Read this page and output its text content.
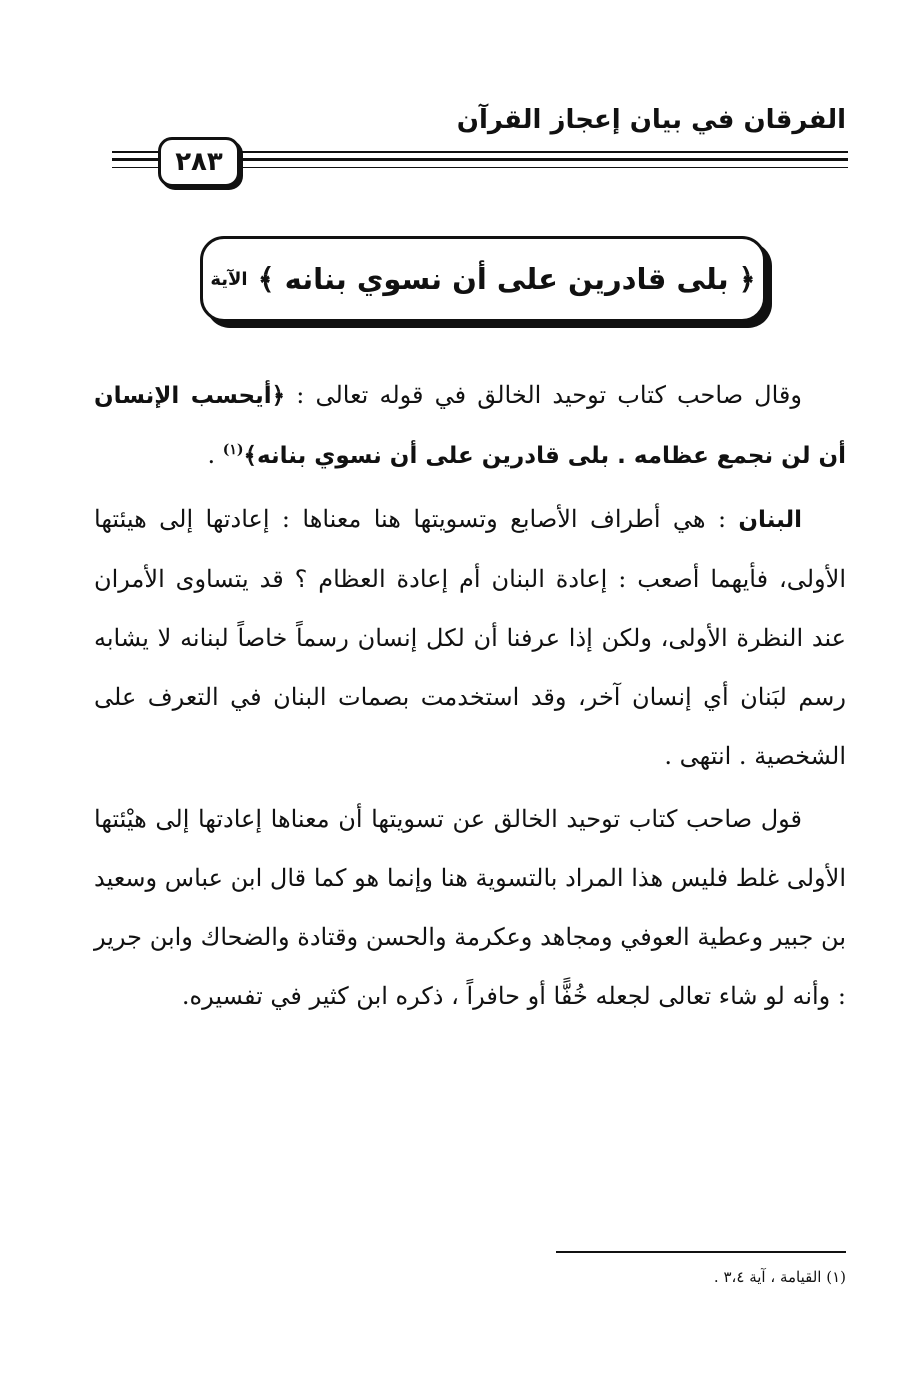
الفرقان في بيان إعجاز القرآن
٢٨٣
﴿ بلى قادرين على أن نسوي بنانه ﴾
الآية

وقال صاحب كتاب توحيد الخالق في قوله تعالى : ﴿أيحسب الإنسان أن لن نجمع عظامه . بلى قادرين على أن نسوي بنانه﴾$^{(١)}$ .

البنان : هي أطراف الأصابع وتسويتها هنا معناها : إعادتها إلى هيئتها الأولى، فأيهما أصعب : إعادة البنان أم إعادة العظام ؟ قد يتساوى الأمران عند النظرة الأولى، ولكن إذا عرفنا أن لكل إنسان رسماً خاصاً لبنانه لا يشابه رسم لبَنان أي إنسان آخر، وقد استخدمت بصمات البنان في التعرف على الشخصية . انتهى .

قول صاحب كتاب توحيد الخالق عن تسويتها أن معناها إعادتها إلى هيْئتها الأولى غلط فليس هذا المراد بالتسوية هنا وإنما هو كما قال ابن عباس وسعيد بن جبير وعطية العوفي ومجاهد وعكرمة والحسن وقتادة والضحاك وابن جرير : وأنه لو شاء تعالى لجعله خُفًّا أو حافراً ، ذكره ابن كثير في تفسيره.

(١) القيامة ، آية ٣،٤ .
